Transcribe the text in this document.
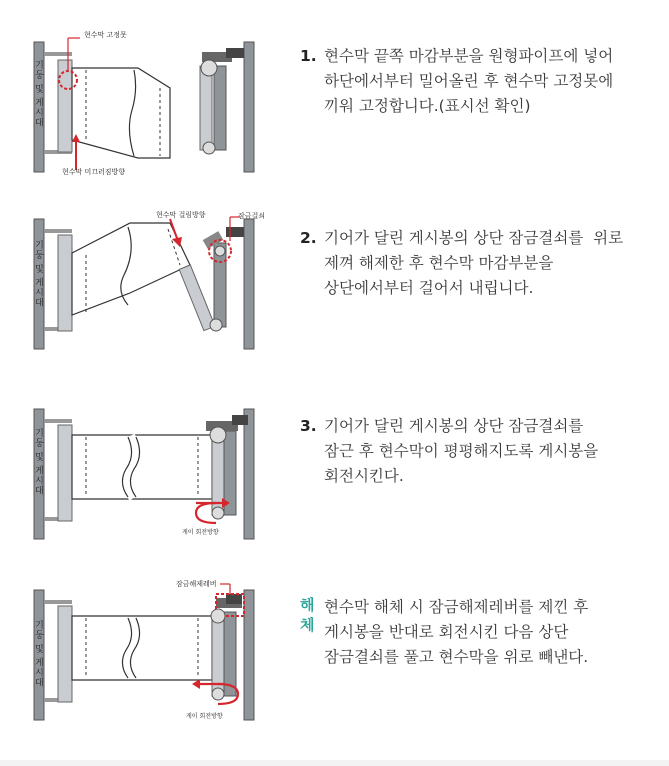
현수막 고정못
현수막 미끄러짐방향
기둥 및 게시대
현수막 걸림방향	잠금걸쇠
기둥 및 게시대
게이 회전방향
기둥 및 게시대
잠금해제레버
게이 회전방향
기둥 및 게시대
1. 현수막 끝쪽 마감부분을 원형파이프에 넣어
하단에서부터 밀어올린 후 현수막 고정못에
끼워 고정합니다.(표시선 확인)
2. 기어가 달린 게시봉의 상단 잠금결쇠를  위로
제껴 해제한 후 현수막 마감부분을
상단에서부터 걸어서 내립니다.
3. 기어가 달린 게시봉의 상단 잠금결쇠를
잠근 후 현수막이 평평해지도록 게시봉을
회전시킨다.
해
체
현수막 해체 시 잠금해제레버를 제낀 후
게시봉을 반대로 회전시킨 다음 상단
잠금결쇠를 풀고 현수막을 위로 빼낸다.
